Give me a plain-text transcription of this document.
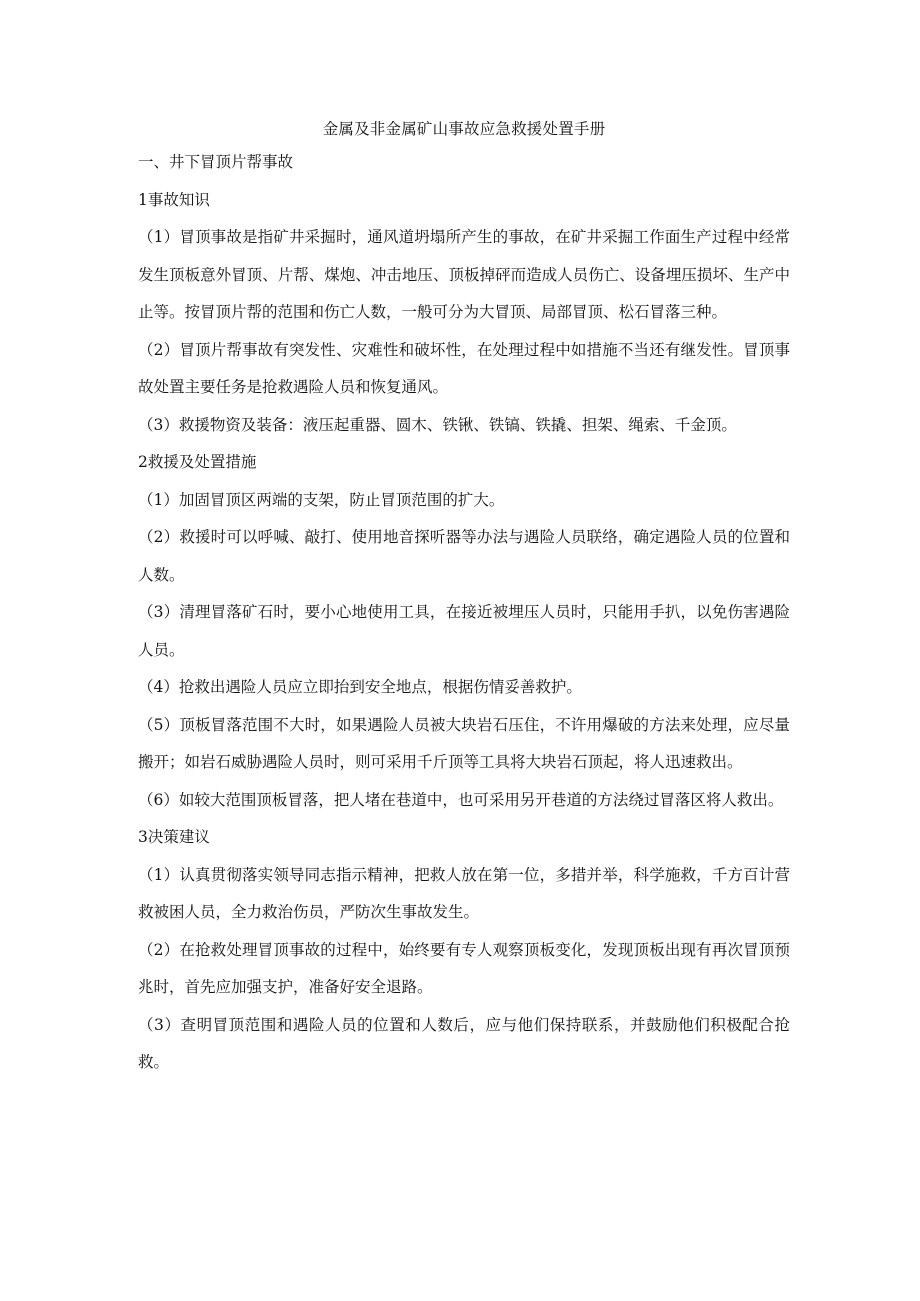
金属及非金属矿山事故应急救援处置手册
一、井下冒顶片帮事故
1事故知识

（1）冒顶事故是指矿井采掘时，通风道坍塌所产生的事故，在矿井采掘工作面生产过程中经常发生顶板意外冒顶、片帮、煤炮、冲击地压、顶板掉砰而造成人员伤亡、设备埋压损坏、生产中止等。按冒顶片帮的范围和伤亡人数，一般可分为大冒顶、局部冒顶、松石冒落三种。

（2）冒顶片帮事故有突发性、灾难性和破坏性，在处理过程中如措施不当还有继发性。冒顶事故处置主要任务是抢救遇险人员和恢复通风。

（3）救援物资及装备：液压起重器、圆木、铁锹、铁镐、铁撬、担架、绳索、千金顶。

2救援及处置措施

（1）加固冒顶区两端的支架，防止冒顶范围的扩大。

（2）救援时可以呼喊、敲打、使用地音探听器等办法与遇险人员联络，确定遇险人员的位置和人数。

（3）清理冒落矿石时，要小心地使用工具，在接近被埋压人员时，只能用手扒，以免伤害遇险人员。

（4）抢救出遇险人员应立即抬到安全地点，根据伤情妥善救护。

（5）顶板冒落范围不大时，如果遇险人员被大块岩石压住，不许用爆破的方法来处理，应尽量搬开；如岩石威胁遇险人员时，则可采用千斤顶等工具将大块岩石顶起，将人迅速救出。

（6）如较大范围顶板冒落，把人堵在巷道中，也可采用另开巷道的方法绕过冒落区将人救出。

3决策建议

（1）认真贯彻落实领导同志指示精神，把救人放在第一位，多措并举，科学施救，千方百计营救被困人员，全力救治伤员，严防次生事故发生。

（2）在抢救处理冒顶事故的过程中，始终要有专人观察顶板变化，发现顶板出现有再次冒顶预兆时，首先应加强支护，准备好安全退路。

（3）查明冒顶范围和遇险人员的位置和人数后，应与他们保持联系，并鼓励他们积极配合抢救。
